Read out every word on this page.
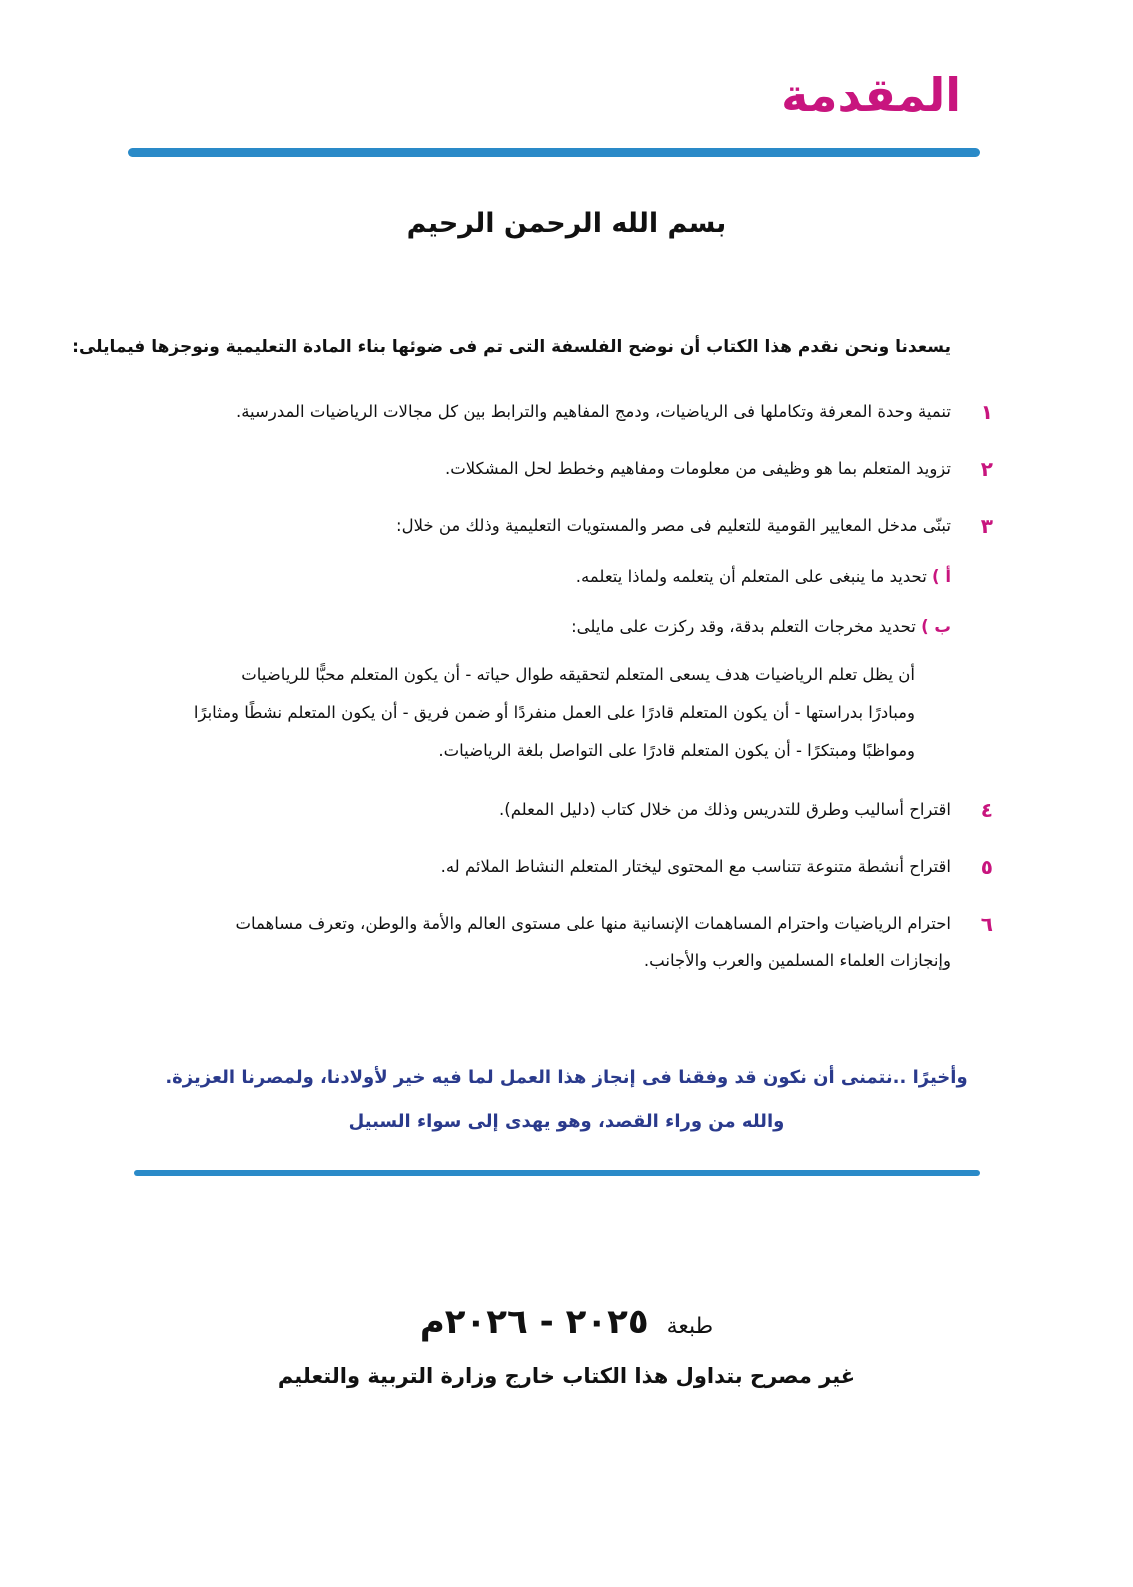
المقدمة
بسم الله الرحمن الرحيم
يسعدنا ونحن نقدم هذا الكتاب أن نوضح الفلسفة التى تم فى ضوئها بناء المادة التعليمية ونوجزها فيمايلى:
١
تنمية وحدة المعرفة وتكاملها فى الرياضيات، ودمج المفاهيم والترابط بين كل مجالات الرياضيات المدرسية.
٢
تزويد المتعلم بما هو وظيفى من معلومات ومفاهيم وخطط لحل المشكلات.
٣
تبنّى مدخل المعايير القومية للتعليم فى مصر والمستويات التعليمية وذلك من خلال:
أ ) تحديد ما ينبغى على المتعلم أن يتعلمه ولماذا يتعلمه.
ب ) تحديد مخرجات التعلم بدقة، وقد ركزت على مايلى:
أن يظل تعلم الرياضيات هدف يسعى المتعلم لتحقيقه طوال حياته - أن يكون المتعلم محبًّا للرياضيات
ومبادرًا بدراستها - أن يكون المتعلم قادرًا على العمل منفردًا أو ضمن فريق - أن يكون المتعلم نشطًا ومثابرًا
ومواظبًا ومبتكرًا - أن يكون المتعلم قادرًا على التواصل بلغة الرياضيات.
٤
اقتراح أساليب وطرق للتدريس وذلك من خلال كتاب (دليل المعلم).
٥
اقتراح أنشطة متنوعة تتناسب مع المحتوى ليختار المتعلم النشاط الملائم له.
٦
احترام الرياضيات واحترام المساهمات الإنسانية منها على مستوى العالم والأمة والوطن، وتعرف مساهمات
وإنجازات العلماء المسلمين والعرب والأجانب.
وأخيرًا ..نتمنى أن نكون قد وفقنا فى إنجاز هذا العمل لما فيه خير لأولادنا، ولمصرنا العزيزة.
والله من وراء القصد، وهو يهدى إلى سواء السبيل
طبعة٢٠٢٥ - ٢٠٢٦م
غير مصرح بتداول هذا الكتاب خارج وزارة التربية والتعليم
